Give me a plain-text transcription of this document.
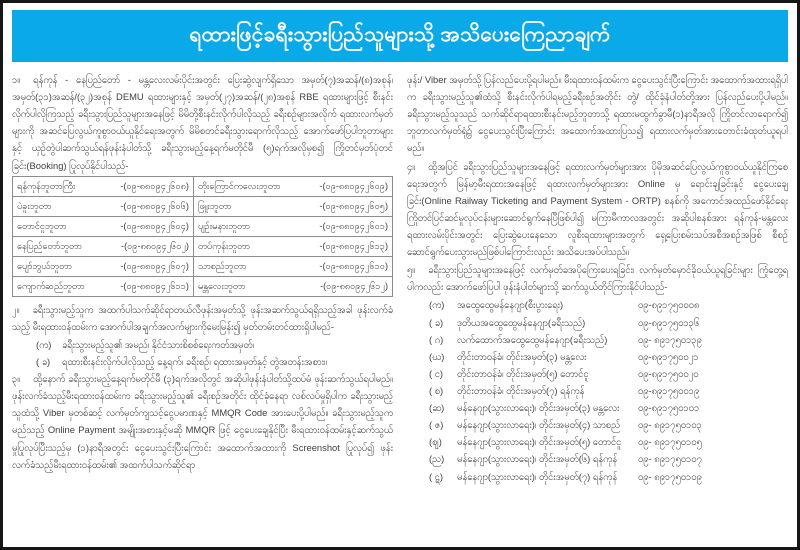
ရထားဖြင့်ခရီးသွားပြည်သူများသို့ အသိပေးကြေညာချက်

၁။ ရန်ကုန် - နေပြည်တော် - မန္တလေးလမ်းပိုင်းအတွင်း ပြေးဆွဲလျက်ရှိသော အမှတ်(၇)အဆန်/(၈)အစုန်၊ အမှတ်(၃၁)အဆန်/(၃၂)အစုန် DEMU ရထားများနှင့် အမှတ်(၂၇)အဆန်/(၂၈)အစုန် RBE ရထားများဖြင့် စီးနင်းလိုက်ပါလိုကြသည့် ခရီးသွားပြည်သူများအနေဖြင့် မိမိတို့စီးနင်းလိုက်ပါလိုသည့် ခရီးစဉ်များအလိုက် ရထားလက်မှတ်များကို အဆင်ပြေလွယ်ကူစွာဝယ်ယူနိုင်ရေးအတွက် မိမိစတင်ခရီးသွားရောက်လိုသည့် အောက်ဖော်ပြပါဘူတာများနှင့် ယှဉ်တွဲပါဆက်သွယ်ရန်ဖုန်းနံပါတ်သို့ ခရီးသွားမည့်နေ့ရက်မတိုင်မီ (၅)ရက်အလိုမှစ၍ ကြိုတင်မှတ်ပုံတင်ခြင်း(Booking) ပြုလုပ်နိုင်ပါသည်-

ရန်ကုန်ဘူတာကြီး -(၀၉-၈၈၀၉၄၂၆၀၈)	တိုးကြောင်ကလေးဘူတာ -(၀၉-၈၈၀၉၄၂၆၀၉)

ပဲခူးဘူတာ -(၀၉-၈၈၀၉၄၂၆၀၆)	ဖြူးဘူတာ -(၀၉-၈၈၀၉၄၂၆၀၅)

တောင်ငူဘူတာ -(၀၉-၈၈၀၉၄၂၆၀၄)	ပျဉ်းမနားဘူတာ -(၀၉-၈၈၀၉၄၂၆၀၁)

နေပြည်တော်ဘူတာ -(၀၉-၈၈၀၉၄၂၆၀၂)	တပ်ကုန်းဘူတာ -(၀၉-၈၈၀၉၄၂၆၁၃)

ပျော်ဘွယ်ဘူတာ -(၀၉-၈၈၀၉၄၂၆၀၇)	သာစည်ဘူတာ -(၀၉-၈၈၀၉၄၂၆၁၀)

ကျောက်ဆည်ဘူတာ -(၀၉-၈၈၀၉၄၂၆၁၁)	မန္တလေးဘူတာ -(၀၉-၈၈၀၉၄၂၆၁၂)

၂။ ခရီးသွားမည့်သူက အထက်ပါသက်ဆိုင်ရာတယ်လီဖုန်းအမှတ်သို့ ဖုန်းအဆက်သွယ်ရရှိသည့်အခါ ဖုန်းလက်ခံသည့် မီးရထားဝန်ထမ်းက အောက်ပါအချက်အလက်များကိုမေးမြန်း၍ မှတ်တမ်းတင်ထားရှိပါမည်-

(က)	ခရီးသွားမည့်သူ၏ အမည်၊ နိုင်ငံသားစိစစ်ရေးကတ်အမှတ်၊
( ခ)	ရထားစီးနင်းလိုက်ပါလိုသည့် နေ့ရက်၊ ခရီးစဉ်၊ ရထားအမှတ်နှင့် တွဲအတန်းအစား။

၃။ ထို့နောက် ခရီးသွားမည့်နေ့ရက်မတိုင်မီ (၃)ရက်အလိုတွင် အဆိုပါဖုန်းနံပါတ်သို့ထပ်မံ ဖုန်းဆက်သွယ်ရပါမည်။ ဖုန်းလက်ခံသည့်မီးရထားဝန်ထမ်းက ခရီးသွားမည့်သူ၏ ခရီးစဉ်အတိုင်း ထိုင်ခုံနေရာ လစ်လပ်မှုရှိပါက ခရီးသွားမည့်သူထံသို့ Viber မှတစ်ဆင့် လက်မှတ်ကျသင့်ငွေပမာဏနှင့် MMQR Code အားပေးပို့ပါမည်။ ခရီးသွားမည့်သူက မည်သည့် Online Payment အမျိုးအစားနှင့်မဆို MMQR ဖြင့် ငွေပေးချေနိုင်ပြီး မီးရထားဝန်ထမ်းနှင့်ဆက်သွယ်မှုပြုလုပ်ပြီးသည့်မှ (၁)နာရီအတွင်း ငွေပေးသွင်းပြီးကြောင်း အထောက်အထားကို Screenshot ပြုလုပ်၍ ဖုန်းလက်ခံသည့်မီးရထားဝန်ထမ်း၏ အထက်ပါသက်ဆိုင်ရာ

ဖုန်း/ Viber အမှတ်သို့ ပြန်လည်ပေးပို့ရပါမည်။ မီးရထားဝန်ထမ်းက ငွေပေးသွင်းပြီးကြောင်း အထောက်အထားရရှိပါက ခရီးသွားမည့်သူ၏ထံသို့ စီးနင်းလိုက်ပါရမည့်ခရီးစဉ်အတိုင်း တွဲ/ ထိုင်ခုံနံပါတ်တို့အား ပြန်လည်ပေးပို့ပါမည်။ ခရီးသွားမည့်သူသည် သက်ဆိုင်ရာရထားစီးနင်းမည့်ဘူတာသို့ ရထားမထွက်ခွာမီ(၁)နာရီအလို ကြိုတင်လာရောက်၍ ဘူတာလက်မှတ်ရုံ၌ ငွေပေးသွင်းပြီးကြောင်း အထောက်အထားပြသ၍ ရထားလက်မှတ်အားတောင်းခံထုတ်ယူရပါမည်။

၄။ ထို့အပြင် ခရီးသွားပြည်သူများအနေဖြင့် ရထားလက်မှတ်များအား ပိုမိုအဆင်ပြေလွယ်ကူစွာဝယ်ယူနိုင်ကြစေရေးအတွက် မြန်မာ့မီးရထားအနေဖြင့် ရထားလက်မှတ်များအား Online မှ ရောင်းချခြင်းနှင့် ငွေပေးချေခြင်း(Online Railway Ticketing and Payment System - ORTP) စနစ်ကို အကောင်အထည်ဖော်နိုင်ရေး ကြိုတင်ပြင်ဆင်မှုလုပ်ငန်းများဆောင်ရွက်နေပြီဖြစ်ပါ၍ မကြာမီကာလအတွင်း အဆိုပါစနစ်အား ရန်ကုန်-မန္တလေးရထားလမ်းပိုင်းအတွင်း ပြေးဆွဲပေးနေသော လူစီးရထားများအတွက် ရှေ့ပြေးစမ်းသပ်အစီအစဉ်အဖြစ် စီစဉ်ဆောင်ရွက်ပေးသွားမည်ဖြစ်ပါကြောင်းလည်း အသိပေးအပ်ပါသည်။

၅။ ခရီးသွားပြည်သူများအနေဖြင့် လက်မှတ်ခအပိုကြေးပေးရခြင်း၊ လက်မှတ်မှောင်ခိုဝယ်ယူရခြင်းများ ကြုံတွေ့ရပါကလည်း အောက်ဖော်ပြပါ ဖုန်းနံပါတ်များသို့ ဆက်သွယ်တိုင်ကြားနိုင်ပါသည်-

(က)	အထွေထွေမန်နေဂျာ(စီးပွားရေး)	၀၉-၈၉၁၇၅၀၀၀၈
( ခ)	ဒုတိယအထွေထွေမန်နေဂျာ(ခရီးသည်)	၀၉-၈၉၁၇၅၀၁၃၆
( ဂ)	လက်ထောက်အထွေထွေမန်နေဂျာ(ခရီးသည်)	၀၉- ၈၉၁၇၅၀၁၃၉
(ဃ)	တိုင်းတာဝန်ခံ၊ တိုင်းအမှတ်(၃) မန္တလေး	၀၉-၈၉၁၇၅၀၀၂၁
( င)	တိုင်းတာဝန်ခံ၊ တိုင်းအမှတ်(၅) တောင်ငူ	၀၉-၈၉၁၇၅၀၀၂၀
( စ)	တိုင်းတာဝန်ခံ၊ တိုင်းအမှတ်(၇) ရန်ကုန်	၀၉-၈၉၁၇၅၀၀၁၉
(ဆ)	မန်နေဂျာ(သွားလာရေး)၊ တိုင်းအမှတ်(၃) မန္တလေး	၀၉-၈၉၁၇၅၀၁၀၁
( ဇ)	မန်နေဂျာ(သွားလာရေး)၊ တိုင်းအမှတ်(၄) သာစည်	၀၉- ၈၉၁၇၅၀၁၀၃
(ဈ)	မန်နေဂျာ(သွားလာရေး)၊ တိုင်းအမှတ်(၅) တောင်ငူ	၀၉- ၈၉၁၇၅၀၁၀၅
(ည)	မန်နေဂျာ(သွားလာရေး)၊ တိုင်းအမှတ်(၆) ရန်ကုန်	၀၉- ၈၉၁၇၅၀၁၀၇
( ဋ)	မန်နေဂျာ(သွားလာရေး)၊ တိုင်းအမှတ်(၇) ရန်ကုန်	၀၉- ၈၉၁၇၅၀၁၀၉
